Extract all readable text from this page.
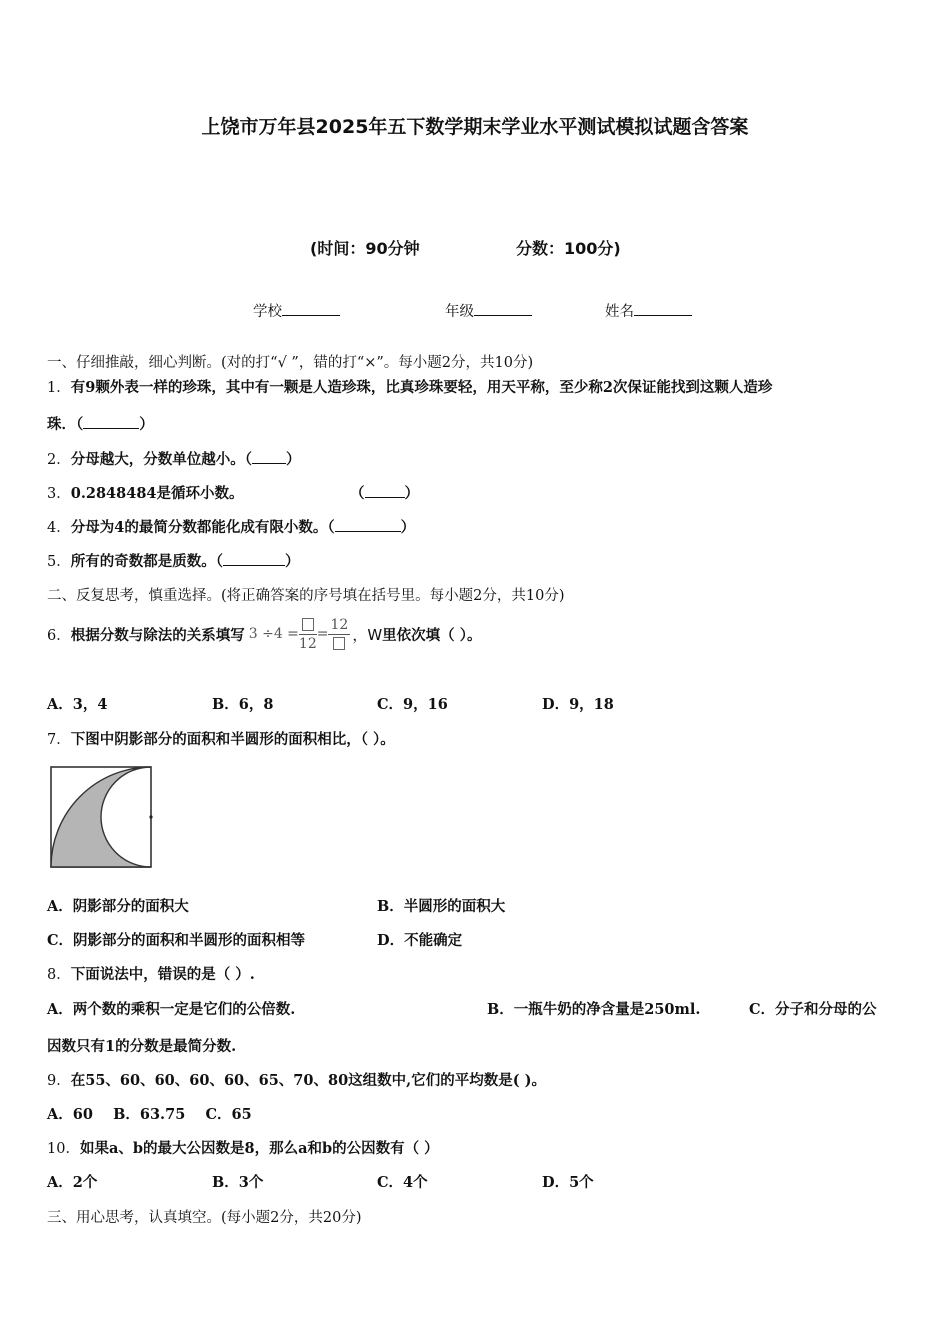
上饶市万年县2025年五下数学期末学业水平测试模拟试题含答案
(时间：90分钟	分数：100分)
学校	年级	姓名
一、仔细推敲，细心判断。(对的打“√ ”，错的打“×”。每小题2分，共10分)
1．有9颗外表一样的珍珠，其中有一颗是人造珍珠，比真珍珠要轻，用天平称，至少称2次保证能找到这颗人造珍
珠．（	）
2．分母越大，分数单位越小。（ ）
3．0.2848484是循环小数。	（	）
4．分母为4的最简分数都能化成有限小数。（	）
5．所有的奇数都是质数。（	）
二、反复思考，慎重选择。(将正确答案的序号填在括号里。每小题2分，共10分)
6． 根据分数与除法的关系填写 3 ÷4 =
12
=
12
，W 里依次填（ ）。
A．3，4	B．6，8	C．9，16	D．9，18
7．下图中阴影部分的面积和半圆形的面积相比，（ ）。
A．阴影部分的面积大	B．半圆形的面积大
C．阴影部分的面积和半圆形的面积相等	D．不能确定
8．下面说法中，错误的是（ ）.
A．两个数的乘积一定是它们的公倍数.	B．一瓶牛奶的净含量是250ml.	C．分子和分母的公
因数只有1的分数是最简分数.
9．在55、60、60、60、60、65、70、80这组数中,它们的平均数是( )。
A．60    B．63.75    C．65
10．如果a、b的最大公因数是8，那么a和b的公因数有（ ）
A．2个	B．3个	C．4个	D．5个
三、用心思考，认真填空。(每小题2分，共20分)
